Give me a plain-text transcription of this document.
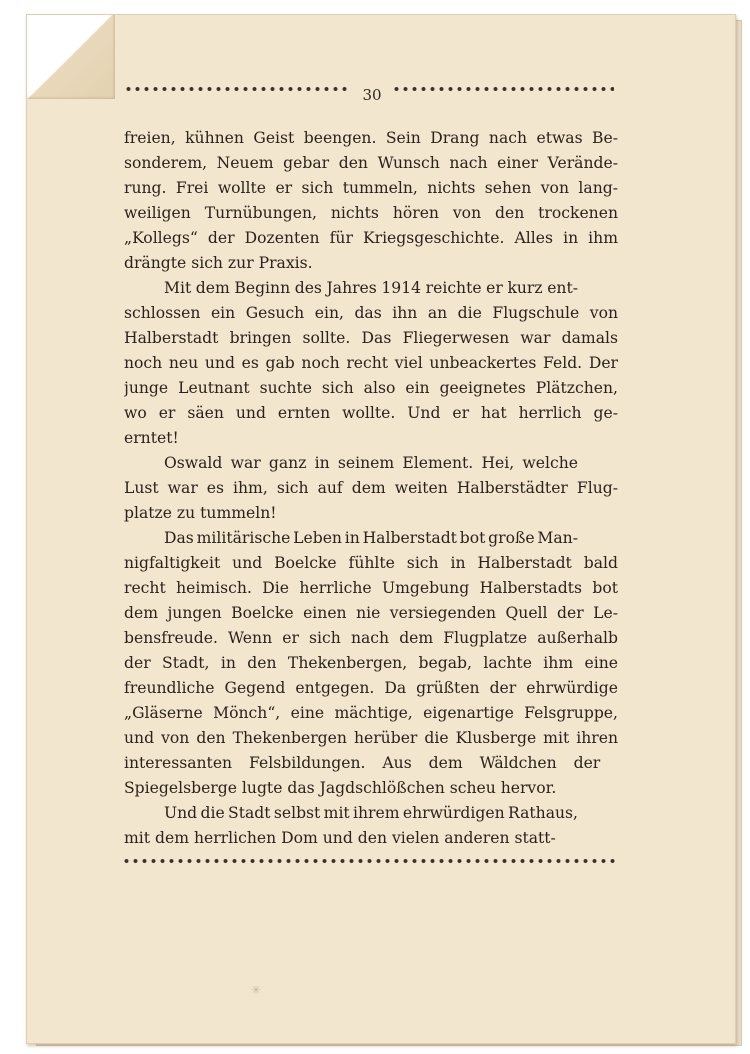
✳
30

freien, kühnen Geist beengen. Sein Drang nach etwas Be-
sonderem, Neuem gebar den Wunsch nach einer Verände-
rung. Frei wollte er sich tummeln, nichts sehen von lang-
weiligen Turnübungen, nichts hören von den trockenen
„Kollegs“ der Dozenten für Kriegsgeschichte. Alles in ihm
drängte sich zur Praxis.

Mit dem Beginn des Jahres 1914 reichte er kurz ent-
schlossen ein Gesuch ein, das ihn an die Flugschule von
Halberstadt bringen sollte. Das Fliegerwesen war damals
noch neu und es gab noch recht viel unbeackertes Feld. Der
junge Leutnant suchte sich also ein geeignetes Plätzchen,
wo er säen und ernten wollte. Und er hat herrlich ge-
erntet!

Oswald war ganz in seinem Element. Hei, welche
Lust war es ihm, sich auf dem weiten Halberstädter Flug-
platze zu tummeln!

Das militärische Leben in Halberstadt bot große Man-
nigfaltigkeit und Boelcke fühlte sich in Halberstadt bald
recht heimisch. Die herrliche Umgebung Halberstadts bot
dem jungen Boelcke einen nie versiegenden Quell der Le-
bensfreude. Wenn er sich nach dem Flugplatze außerhalb
der Stadt, in den Thekenbergen, begab, lachte ihm eine
freundliche Gegend entgegen. Da grüßten der ehrwürdige
„Gläserne Mönch“, eine mächtige, eigenartige Felsgruppe,
und von den Thekenbergen herüber die Klusberge mit ihren
interessanten Felsbildungen. Aus dem Wäldchen der
Spiegelsberge lugte das Jagdschlößchen scheu hervor.

Und die Stadt selbst mit ihrem ehrwürdigen Rathaus,
mit dem herrlichen Dom und den vielen anderen statt-
